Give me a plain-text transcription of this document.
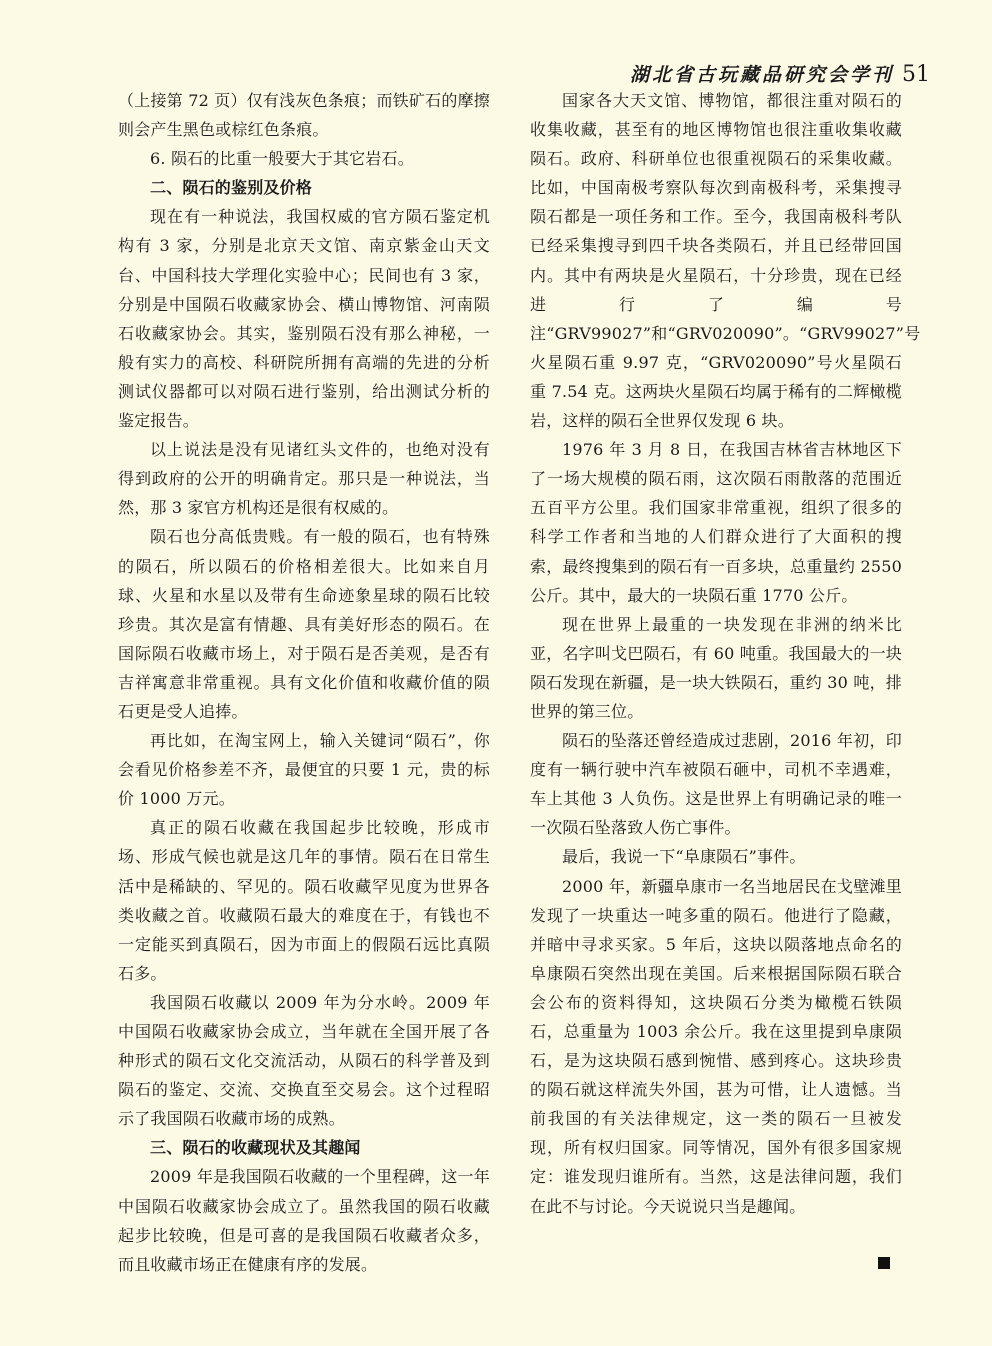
湖北省古玩藏品研究会学刊 51

（上接第 72 页）仅有浅灰色条痕；而铁矿石的摩擦则会产生黑色或棕红色条痕。

6. 陨石的比重一般要大于其它岩石。

二、陨石的鉴别及价格

现在有一种说法，我国权威的官方陨石鉴定机构有 3 家，分别是北京天文馆、南京紫金山天文台、中国科技大学理化实验中心；民间也有 3 家，分别是中国陨石收藏家协会、横山博物馆、河南陨石收藏家协会。其实，鉴别陨石没有那么神秘，一般有实力的高校、科研院所拥有高端的先进的分析测试仪器都可以对陨石进行鉴别，给出测试分析的鉴定报告。

以上说法是没有见诸红头文件的，也绝对没有得到政府的公开的明确肯定。那只是一种说法，当然，那 3 家官方机构还是很有权威的。

陨石也分高低贵贱。有一般的陨石，也有特殊的陨石，所以陨石的价格相差很大。比如来自月球、火星和水星以及带有生命迹象星球的陨石比较珍贵。其次是富有情趣、具有美好形态的陨石。在国际陨石收藏市场上，对于陨石是否美观，是否有吉祥寓意非常重视。具有文化价值和收藏价值的陨石更是受人追捧。

再比如，在淘宝网上，输入关键词“陨石”，你会看见价格参差不齐，最便宜的只要 1 元，贵的标价 1000 万元。

真正的陨石收藏在我国起步比较晚，形成市场、形成气候也就是这几年的事情。陨石在日常生活中是稀缺的、罕见的。陨石收藏罕见度为世界各类收藏之首。收藏陨石最大的难度在于，有钱也不一定能买到真陨石，因为市面上的假陨石远比真陨石多。

我国陨石收藏以 2009 年为分水岭。2009 年中国陨石收藏家协会成立，当年就在全国开展了各种形式的陨石文化交流活动，从陨石的科学普及到陨石的鉴定、交流、交换直至交易会。这个过程昭示了我国陨石收藏市场的成熟。

三、陨石的收藏现状及其趣闻

2009 年是我国陨石收藏的一个里程碑，这一年中国陨石收藏家协会成立了。虽然我国的陨石收藏起步比较晚，但是可喜的是我国陨石收藏者众多，而且收藏市场正在健康有序的发展。

国家各大天文馆、博物馆，都很注重对陨石的收集收藏，甚至有的地区博物馆也很注重收集收藏陨石。政府、科研单位也很重视陨石的采集收藏。比如，中国南极考察队每次到南极科考，采集搜寻陨石都是一项任务和工作。至今，我国南极科考队已经采集搜寻到四千块各类陨石，并且已经带回国内。其中有两块是火星陨石，十分珍贵，现在已经进行了编号注“GRV99027”和“GRV020090”。“GRV99027”号火星陨石重 9.97 克，“GRV020090”号火星陨石重 7.54 克。这两块火星陨石均属于稀有的二辉橄榄岩，这样的陨石全世界仅发现 6 块。

1976 年 3 月 8 日，在我国吉林省吉林地区下了一场大规模的陨石雨，这次陨石雨散落的范围近五百平方公里。我们国家非常重视，组织了很多的科学工作者和当地的人们群众进行了大面积的搜索，最终搜集到的陨石有一百多块，总重量约 2550 公斤。其中，最大的一块陨石重 1770 公斤。

现在世界上最重的一块发现在非洲的纳米比亚，名字叫戈巴陨石，有 60 吨重。我国最大的一块陨石发现在新疆，是一块大铁陨石，重约 30 吨，排世界的第三位。

陨石的坠落还曾经造成过悲剧，2016 年初，印度有一辆行驶中汽车被陨石砸中，司机不幸遇难，车上其他 3 人负伤。这是世界上有明确记录的唯一一次陨石坠落致人伤亡事件。

最后，我说一下“阜康陨石”事件。

2000 年，新疆阜康市一名当地居民在戈壁滩里发现了一块重达一吨多重的陨石。他进行了隐藏，并暗中寻求买家。5 年后，这块以陨落地点命名的阜康陨石突然出现在美国。后来根据国际陨石联合会公布的资料得知，这块陨石分类为橄榄石铁陨石，总重量为 1003 余公斤。我在这里提到阜康陨石，是为这块陨石感到惋惜、感到疼心。这块珍贵的陨石就这样流失外国，甚为可惜，让人遗憾。当前我国的有关法律规定，这一类的陨石一旦被发现，所有权归国家。同等情况，国外有很多国家规定：谁发现归谁所有。当然，这是法律问题，我们在此不与讨论。今天说说只当是趣闻。
